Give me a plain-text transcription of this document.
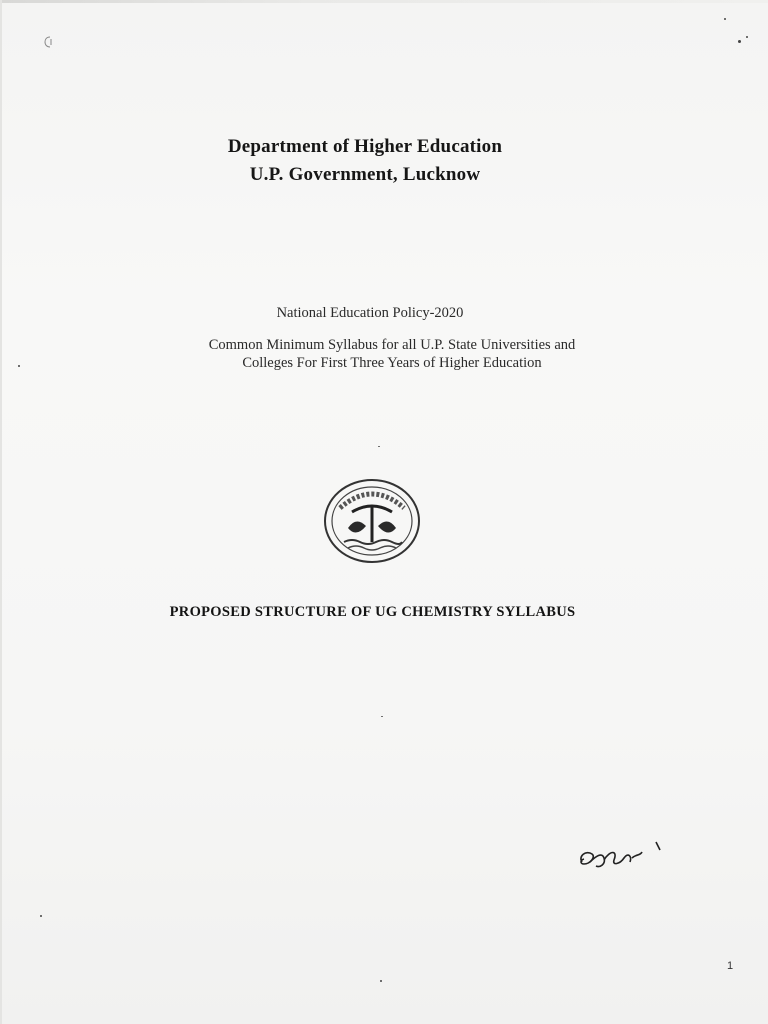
Department of Higher Education
U.P. Government, Lucknow
National Education Policy-2020
Common Minimum Syllabus for all U.P. State Universities and
Colleges For First Three Years of Higher Education
PROPOSED STRUCTURE OF UG CHEMISTRY SYLLABUS
1
